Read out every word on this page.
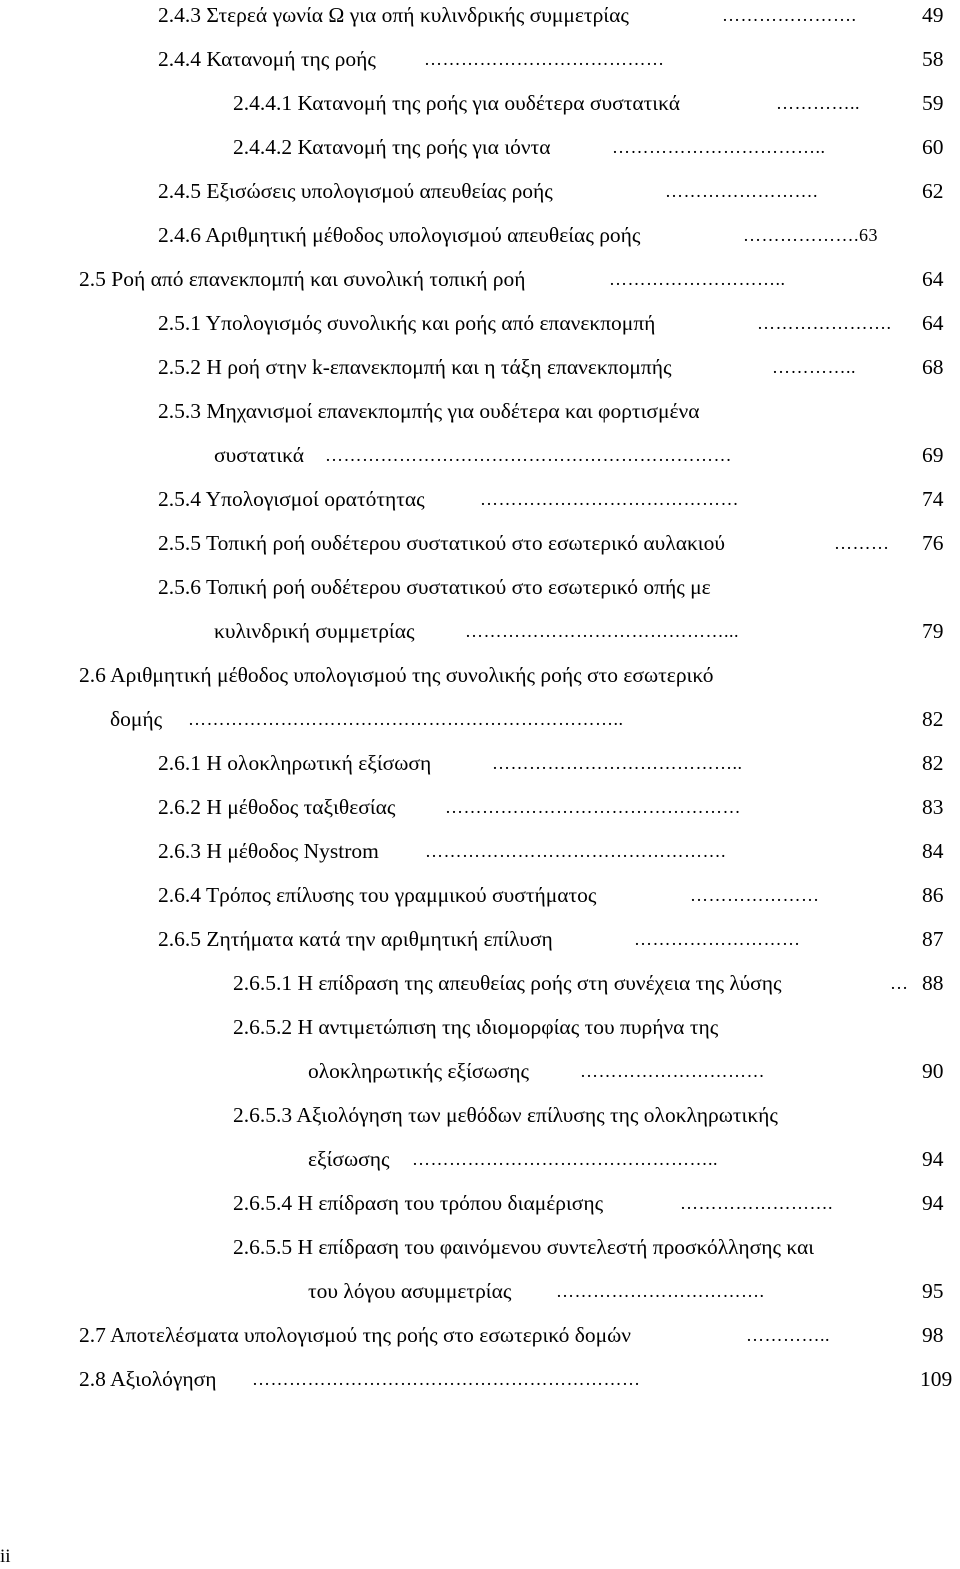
2.4.3 Στερεά γωνία Ω για οπή κυλινδρικής συμμετρίας	………………….	49
2.4.4 Κατανομή της ροής	…………………………………	58
2.4.4.1 Κατανομή της ροής για ουδέτερα συστατικά	…………..	59
2.4.4.2 Κατανομή της ροής για ιόντα	……………………………..	60
2.4.5 Εξισώσεις υπολογισμού απευθείας ροής	…………………….	62
2.4.6 Αριθμητική μέθοδος υπολογισμού απευθείας ροής	……………….63
2.5 Ροή από επανεκπομπή και συνολική τοπική ροή	………………………..	64
2.5.1 Υπολογισμός συνολικής και ροής από επανεκπομπή	…………………. 64
2.5.2 Η ροή στην k-επανεκπομπή και η τάξη επανεκπομπής	…………..	68
2.5.3 Μηχανισμοί επανεκπομπής για ουδέτερα και φορτισμένα
συστατικά …………………………………………………………	69
2.5.4 Υπολογισμοί ορατότητας	……………………………………	74
2.5.5 Τοπική ροή ουδέτερου συστατικού στο εσωτερικό αυλακιού	……… 76
2.5.6 Τοπική ροή ουδέτερου συστατικού στο εσωτερικό οπής με
κυλινδρική συμμετρίας	……………………………………...	79
2.6 Αριθμητική μέθοδος υπολογισμού της συνολικής ροής στο εσωτερικό
δομής ……………………………………………………………..	82
2.6.1 Η ολοκληρωτική εξίσωση	…………………………………..	82
2.6.2 Η μέθοδος ταξιθεσίας	…………………………………………	83
2.6.3 Η μέθοδος Nystrom	………………………………………….	84
2.6.4 Τρόπος επίλυσης του γραμμικού συστήματος	…………………	86
2.6.5 Ζητήματα κατά την αριθμητική επίλυση	………………………	87
2.6.5.1 Η επίδραση της απευθείας ροής στη συνέχεια της λύσης	… 88
2.6.5.2 Η αντιμετώπιση της ιδιομορφίας του πυρήνα της
ολοκληρωτικής εξίσωσης	…………………………	90
2.6.5.3 Αξιολόγηση των μεθόδων επίλυσης της ολοκληρωτικής
εξίσωσης …………………………………………..	94
2.6.5.4 Η επίδραση του τρόπου διαμέρισης	…………………….	94
2.6.5.5 Η επίδραση του φαινόμενου συντελεστή προσκόλλησης και
του λόγου ασυμμετρίας …………………………….	95
2.7 Αποτελέσματα υπολογισμού της ροής στο εσωτερικό δομών	…………..	98
2.8 Αξιολόγηση ………………………………………………………	109
ii
